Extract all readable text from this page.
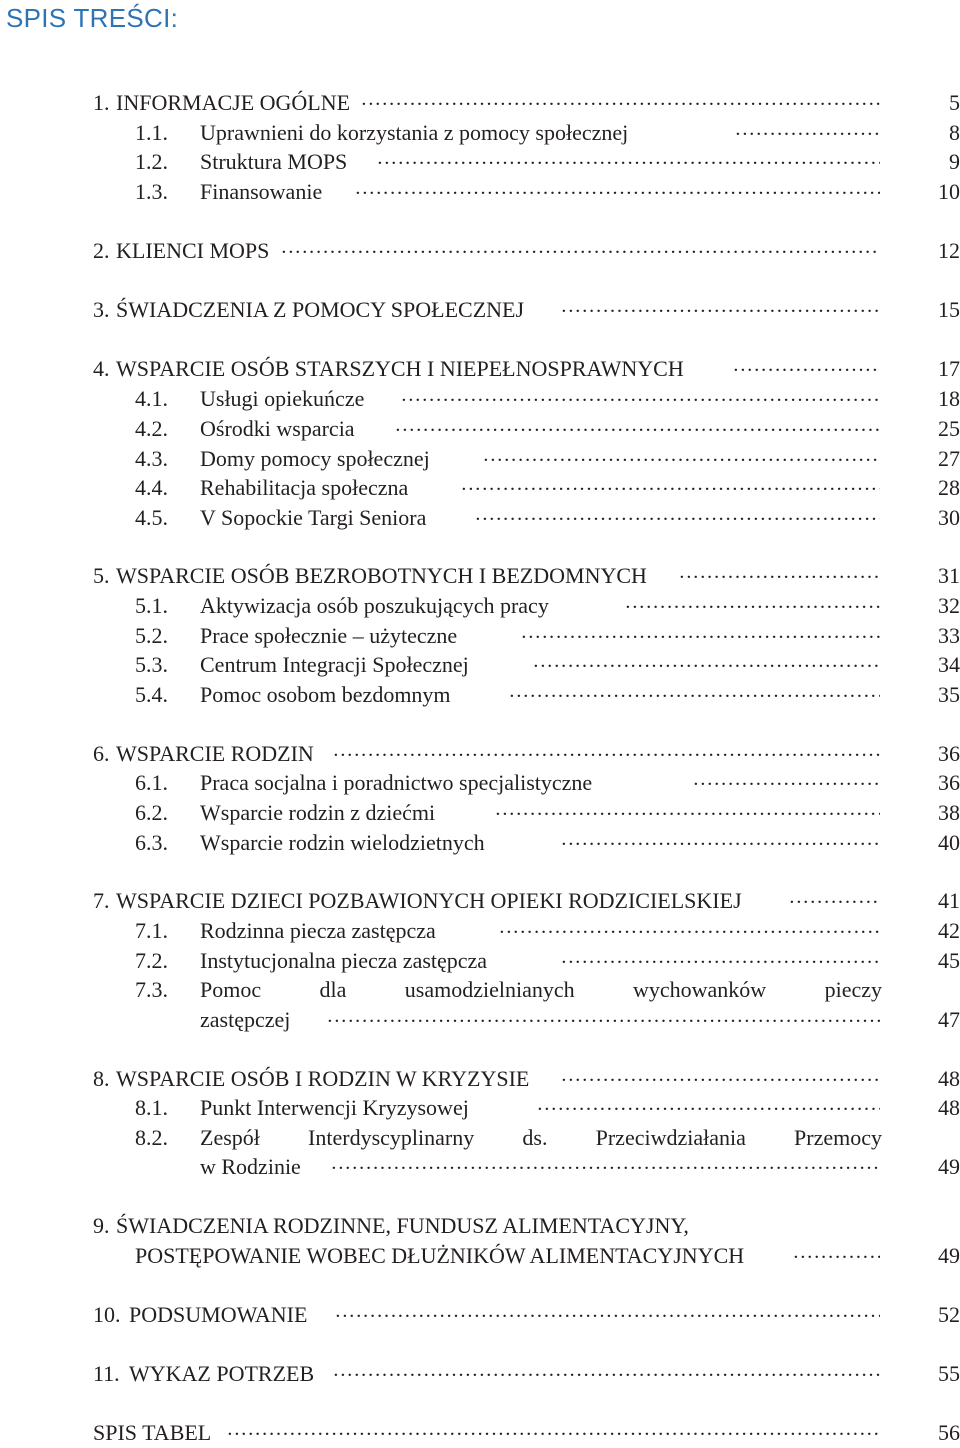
SPIS TREŚCI:
1. INFORMACJE OGÓLNE .....	5
1.1. Uprawnieni do korzystania z pomocy społecznej .....	8
1.2. Struktura MOPS .....	9
1.3. Finansowanie .....	10
2. KLIENCI MOPS .....	12
3. ŚWIADCZENIA Z POMOCY SPOŁECZNEJ .....	15
4. WSPARCIE OSÓB STARSZYCH I NIEPEŁNOSPRAWNYCH .....	17
4.1. Usługi opiekuńcze .....	18
4.2. Ośrodki wsparcia .....	25
4.3. Domy pomocy społecznej .....	27
4.4. Rehabilitacja społeczna .....	28
4.5. V Sopockie Targi Seniora .....	30
5. WSPARCIE OSÓB BEZROBOTNYCH I BEZDOMNYCH .....	31
5.1. Aktywizacja osób poszukujących pracy .....	32
5.2. Prace społecznie – użyteczne .....	33
5.3. Centrum Integracji Społecznej .....	34
5.4. Pomoc osobom bezdomnym .....	35
6. WSPARCIE RODZIN .....	36
6.1. Praca socjalna i poradnictwo specjalistyczne .....	36
6.2. Wsparcie rodzin z dziećmi .....	38
6.3. Wsparcie rodzin wielodzietnych .....	40
7. WSPARCIE DZIECI POZBAWIONYCH OPIEKI RODZICIELSKIEJ .....	41
7.1. Rodzinna piecza zastępcza .....	42
7.2. Instytucjonalna piecza zastępcza .....	45
7.3. Pomoc dla usamodzielnianych wychowanków pieczy
zastępczej .....	47
8. WSPARCIE OSÓB I RODZIN W KRYZYSIE .....	48
8.1. Punkt Interwencji Kryzysowej .....	48
8.2. Zespół Interdyscyplinarny ds. Przeciwdziałania Przemocy
w Rodzinie .....	49
9. ŚWIADCZENIA RODZINNE, FUNDUSZ ALIMENTACYJNY,
POSTĘPOWANIE WOBEC DŁUŻNIKÓW ALIMENTACYJNYCH .....	49
10. PODSUMOWANIE .....	52
11. WYKAZ POTRZEB .....	55
SPIS TABEL .....	56
